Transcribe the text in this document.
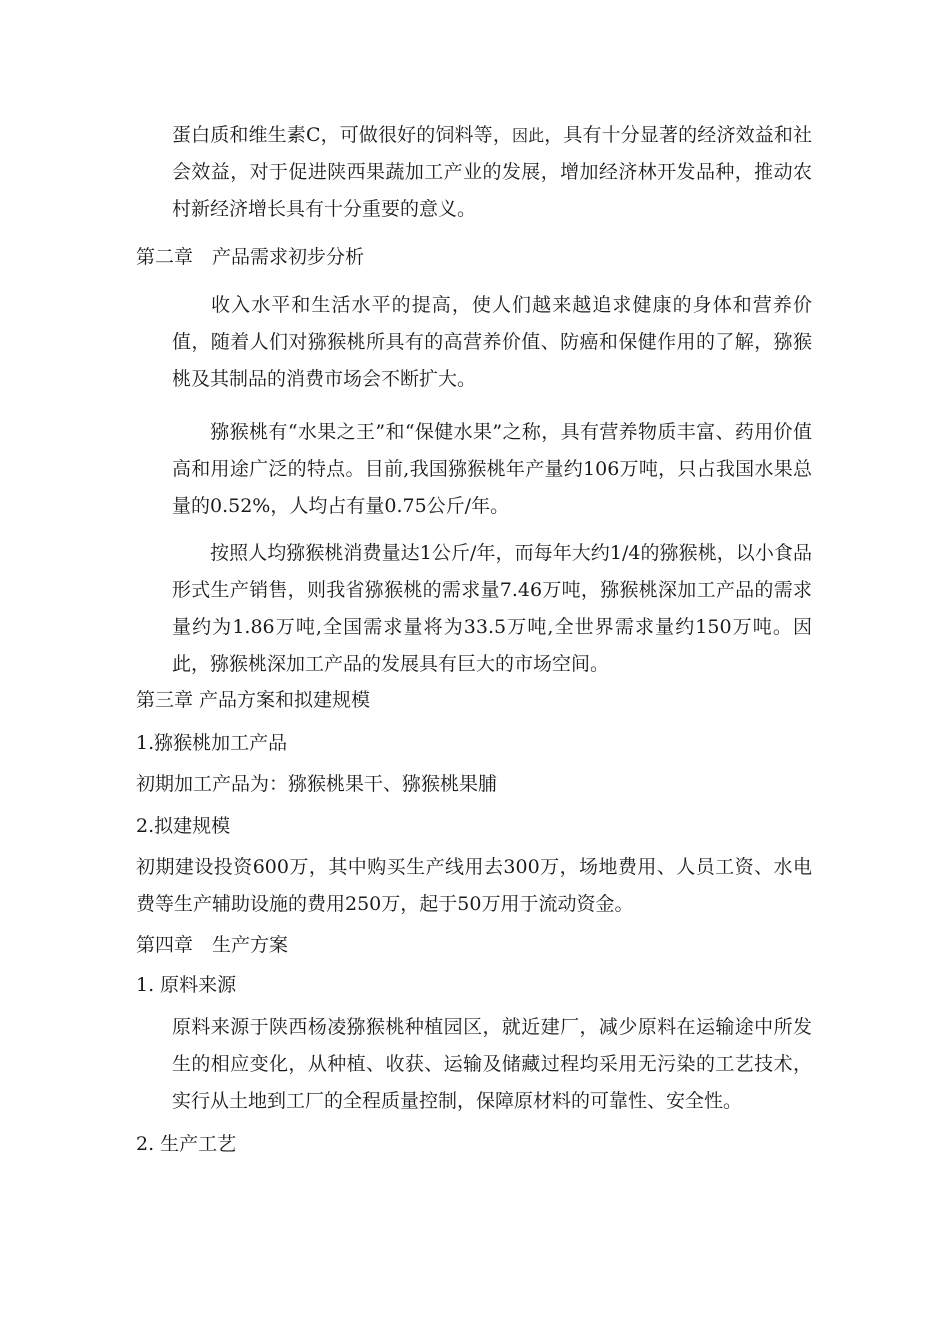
蛋白质和维生素C，可做很好的饲料等，因此，具有十分显著的经济效益和社会效益，对于促进陕西果蔬加工产业的发展，增加经济林开发品种，推动农村新经济增长具有十分重要的意义。

第二章　产品需求初步分析

收入水平和生活水平的提高，使人们越来越追求健康的身体和营养价值，随着人们对猕猴桃所具有的高营养价值、防癌和保健作用的了解，猕猴桃及其制品的消费市场会不断扩大。

猕猴桃有“水果之王”和“保健水果”之称，具有营养物质丰富、药用价值高和用途广泛的特点。目前,我国猕猴桃年产量约106万吨，只占我国水果总量的0.52%，人均占有量0.75公斤/年。

按照人均猕猴桃消费量达1公斤/年，而每年大约1/4的猕猴桃，以小食品形式生产销售，则我省猕猴桃的需求量7.46万吨，猕猴桃深加工产品的需求量约为1.86万吨,全国需求量将为33.5万吨,全世界需求量约150万吨。因此，猕猴桃深加工产品的发展具有巨大的市场空间。

第三章 产品方案和拟建规模
1.猕猴桃加工产品
初期加工产品为：猕猴桃果干、猕猴桃果脯
2.拟建规模

初期建设投资600万，其中购买生产线用去300万，场地费用、人员工资、水电费等生产辅助设施的费用250万，起于50万用于流动资金。

第四章　生产方案
1. 原料来源

原料来源于陕西杨凌猕猴桃种植园区，就近建厂，减少原料在运输途中所发生的相应变化，从种植、收获、运输及储藏过程均采用无污染的工艺技术，实行从土地到工厂的全程质量控制，保障原材料的可靠性、安全性。

2. 生产工艺
